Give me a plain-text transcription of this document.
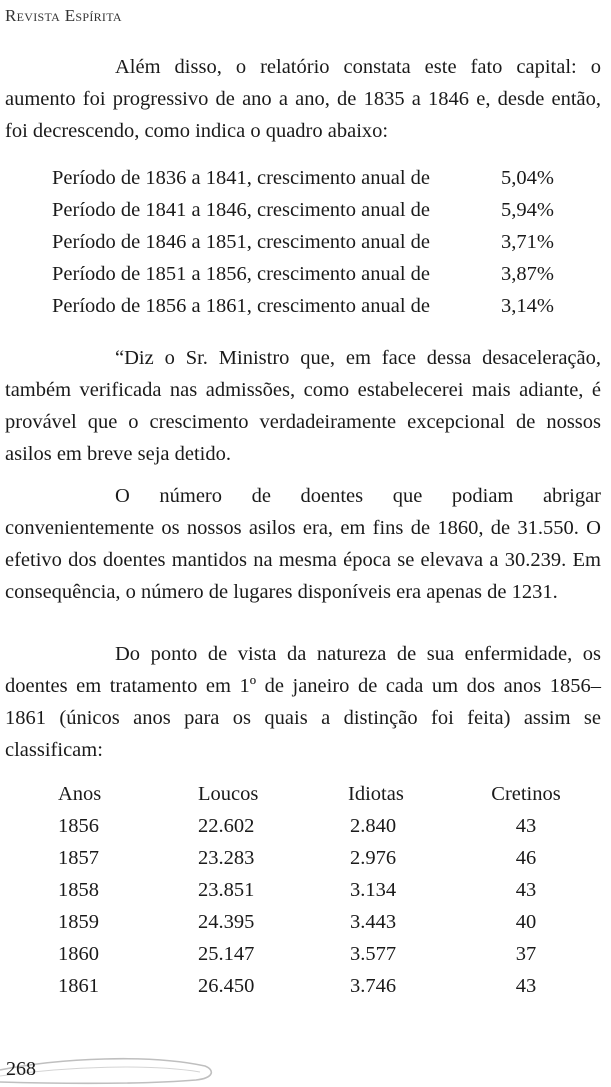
Revista Espírita

Além disso, o relatório constata este fato capital: o aumento foi progressivo de ano a ano, de 1835 a 1846 e, desde então, foi decrescendo, como indica o quadro abaixo:

Período de 1836 a 1841, crescimento anual de	5,04%
Período de 1841 a 1846, crescimento anual de	5,94%
Período de 1846 a 1851, crescimento anual de	3,71%
Período de 1851 a 1856, crescimento anual de	3,87%
Período de 1856 a 1861, crescimento anual de	3,14%

“Diz o Sr. Ministro que, em face dessa desaceleração, também verificada nas admissões, como estabelecerei mais adiante, é provável que o crescimento verdadeiramente excepcional de nossos asilos em breve seja detido.

O número de doentes que podiam abrigar convenientemente os nossos asilos era, em fins de 1860, de 31.550. O efetivo dos doentes mantidos na mesma época se elevava a 30.239. Em consequência, o número de lugares disponíveis era apenas de 1231.

Do ponto de vista da natureza de sua enfermidade, os doentes em tratamento em 1º de janeiro de cada um dos anos 1856–1861 (únicos anos para os quais a distinção foi feita) assim se classificam:

Anos	Loucos	Idiotas	Cretinos
1856	22.602	2.840	43
1857	23.283	2.976	46
1858	23.851	3.134	43
1859	24.395	3.443	40
1860	25.147	3.577	37
1861	26.450	3.746	43
268
